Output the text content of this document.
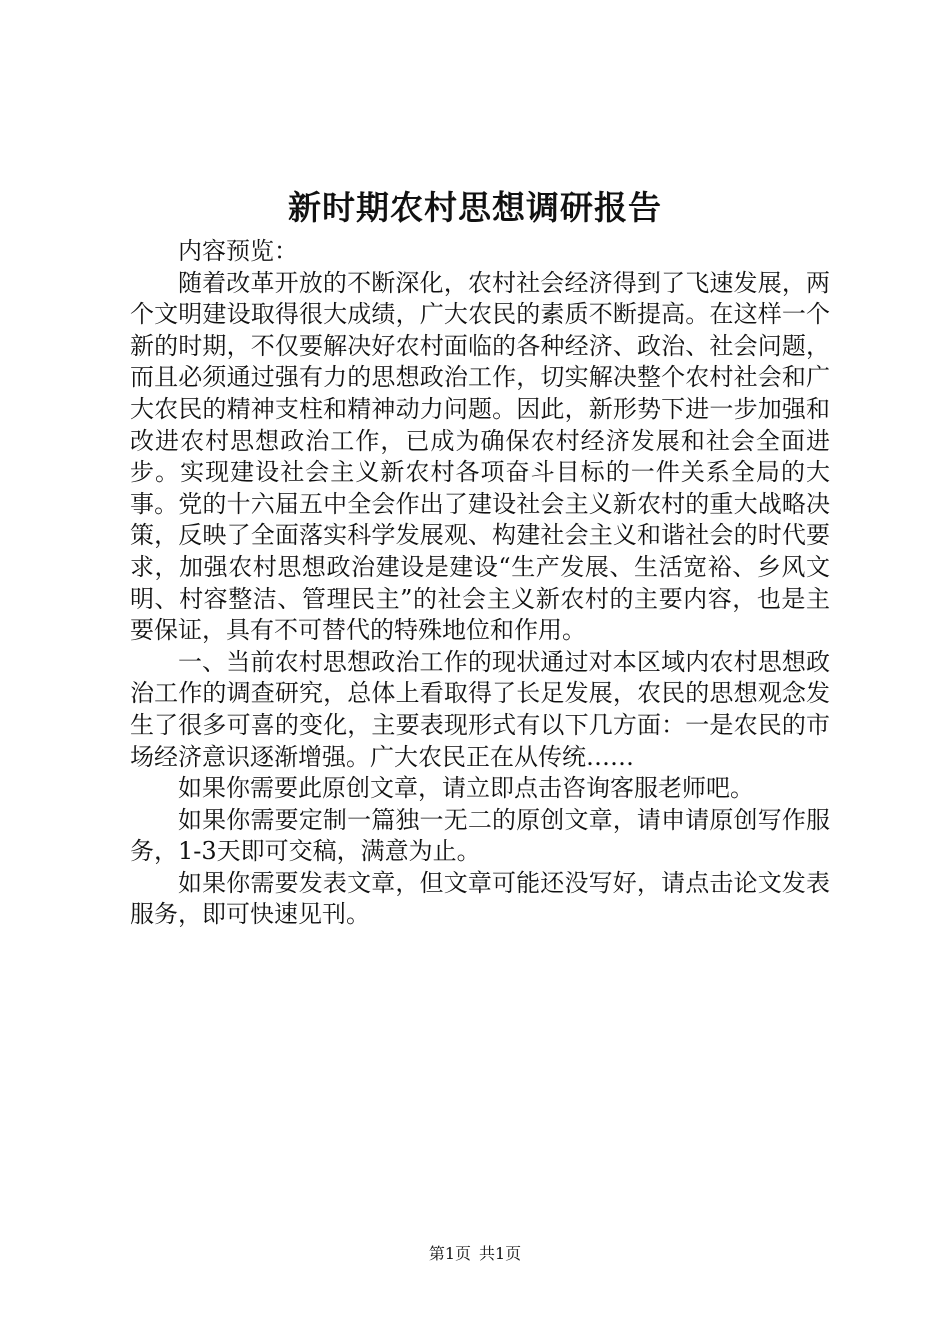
新时期农村思想调研报告

内容预览：

随着改革开放的不断深化，农村社会经济得到了飞速发展，两个文明建设取得很大成绩，广大农民的素质不断提高。在这样一个新的时期，不仅要解决好农村面临的各种经济、政治、社会问题，而且必须通过强有力的思想政治工作，切实解决整个农村社会和广大农民的精神支柱和精神动力问题。因此，新形势下进一步加强和改进农村思想政治工作，已成为确保农村经济发展和社会全面进步。实现建设社会主义新农村各项奋斗目标的一件关系全局的大事。党的十六届五中全会作出了建设社会主义新农村的重大战略决策，反映了全面落实科学发展观、构建社会主义和谐社会的时代要求，加强农村思想政治建设是建设“生产发展、生活宽裕、乡风文明、村容整洁、管理民主”的社会主义新农村的主要内容，也是主要保证，具有不可替代的特殊地位和作用。

一、当前农村思想政治工作的现状通过对本区域内农村思想政治工作的调查研究，总体上看取得了长足发展，农民的思想观念发生了很多可喜的变化，主要表现形式有以下几方面：一是农民的市场经济意识逐渐增强。广大农民正在从传统……

如果你需要此原创文章，请立即点击咨询客服老师吧。

如果你需要定制一篇独一无二的原创文章，请申请原创写作服务，1-3天即可交稿，满意为止。

如果你需要发表文章，但文章可能还没写好，请点击论文发表服务，即可快速见刊。

第1页 共1页
